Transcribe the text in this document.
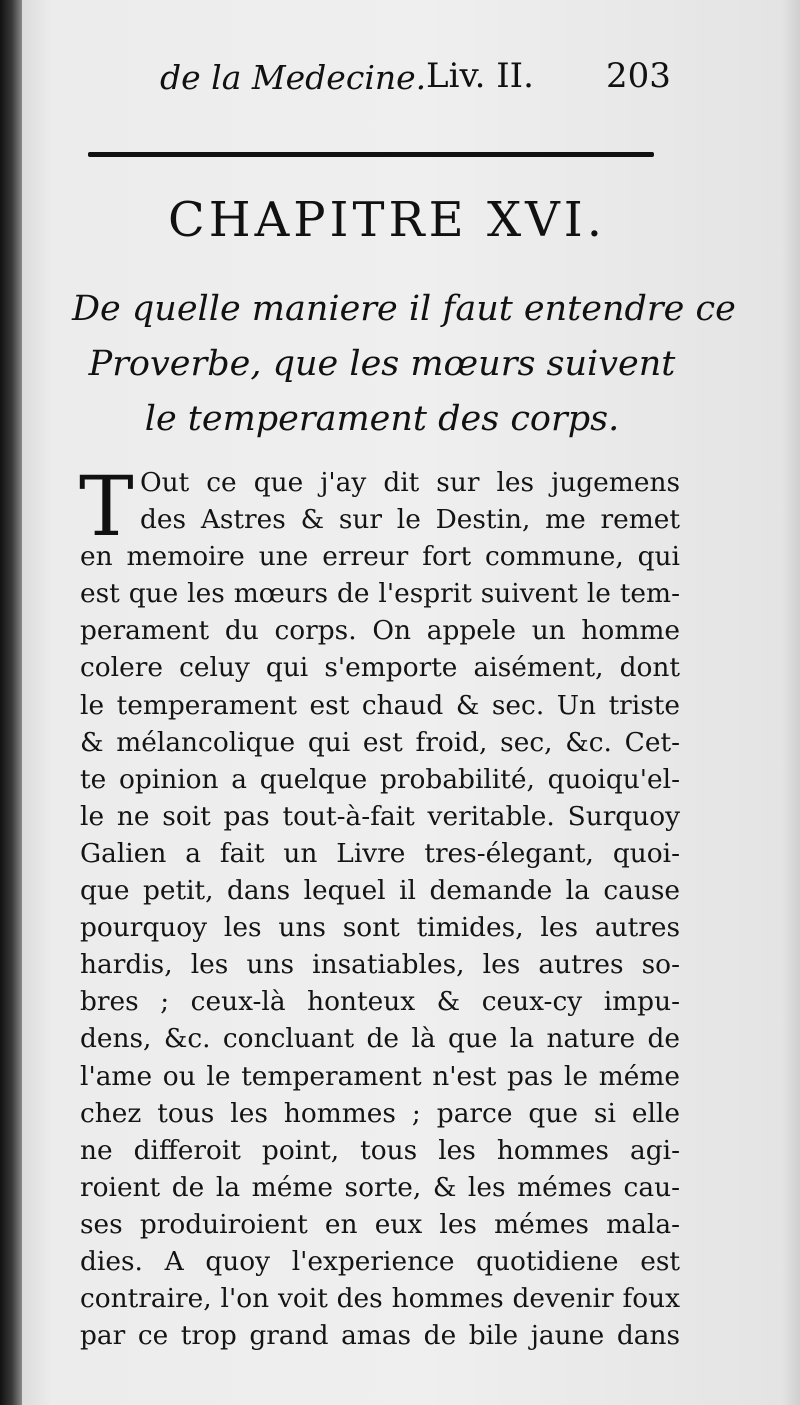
de la Medecine. Liv. II. 203
CHAPITRE XVI.
De quelle maniere il faut entendre ce
Proverbe, que les mœurs suivent
le temperament des corps.
T Out ce que j'ay dit sur les jugemens
des Astres & sur le Destin, me remet
en memoire une erreur fort commune, qui
est que les mœurs de l'esprit suivent le tem-
perament du corps. On appele un homme
colere celuy qui s'emporte aisément, dont
le temperament est chaud & sec. Un triste
& mélancolique qui est froid, sec, &c. Cet-
te opinion a quelque probabilité, quoiqu'el-
le ne soit pas tout-à-fait veritable. Surquoy
Galien a fait un Livre tres-élegant, quoi-
que petit, dans lequel il demande la cause
pourquoy les uns sont timides, les autres
hardis, les uns insatiables, les autres so-
bres ; ceux-là honteux & ceux-cy impu-
dens, &c. concluant de là que la nature de
l'ame ou le temperament n'est pas le méme
chez tous les hommes ; parce que si elle
ne differoit point, tous les hommes agi-
roient de la méme sorte, & les mémes cau-
ses produiroient en eux les mémes mala-
dies. A quoy l'experience quotidiene est
contraire, l'on voit des hommes devenir foux
par ce trop grand amas de bile jaune dans
